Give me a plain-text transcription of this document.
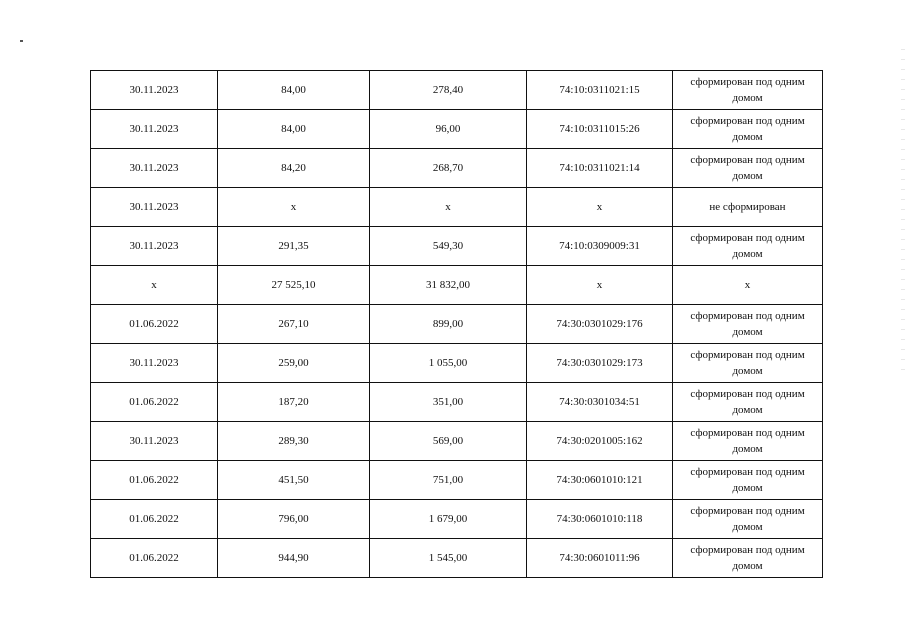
30.11.2023	84,00	278,40	74:10:0311021:15	сформирован под одним домом
30.11.2023	84,00	96,00	74:10:0311015:26	сформирован под одним домом
30.11.2023	84,20	268,70	74:10:0311021:14	сформирован под одним домом
30.11.2023	x	x	x	не сформирован
30.11.2023	291,35	549,30	74:10:0309009:31	сформирован под одним домом
x	27 525,10	31 832,00	x	x
01.06.2022	267,10	899,00	74:30:0301029:176	сформирован под одним домом
30.11.2023	259,00	1 055,00	74:30:0301029:173	сформирован под одним домом
01.06.2022	187,20	351,00	74:30:0301034:51	сформирован под одним домом
30.11.2023	289,30	569,00	74:30:0201005:162	сформирован под одним домом
01.06.2022	451,50	751,00	74:30:0601010:121	сформирован под одним домом
01.06.2022	796,00	1 679,00	74:30:0601010:118	сформирован под одним домом
01.06.2022	944,90	1 545,00	74:30:0601011:96	сформирован под одним домом
